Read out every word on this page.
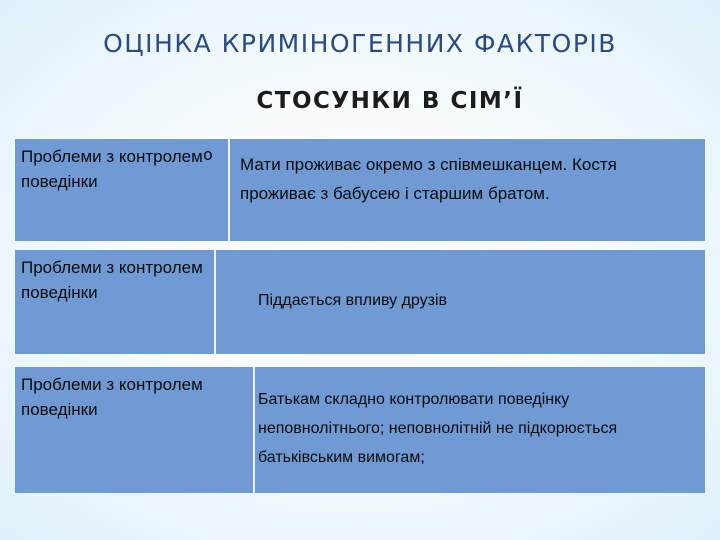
ОЦІНКА КРИМІНОГЕННИХ ФАКТОРІВ
СТОСУНКИ В СІМ’Ї
Проблеми з контролем поведінки
o
Мати проживає окремо з співмешканцем. Костя проживає з бабусею і старшим братом.
Проблеми з контролем поведінки	Піддається впливу друзів
Проблеми з контролем поведінки
Батькам складно контролювати поведінку неповнолітнього; неповнолітній не підкорюється батьківським вимогам;
